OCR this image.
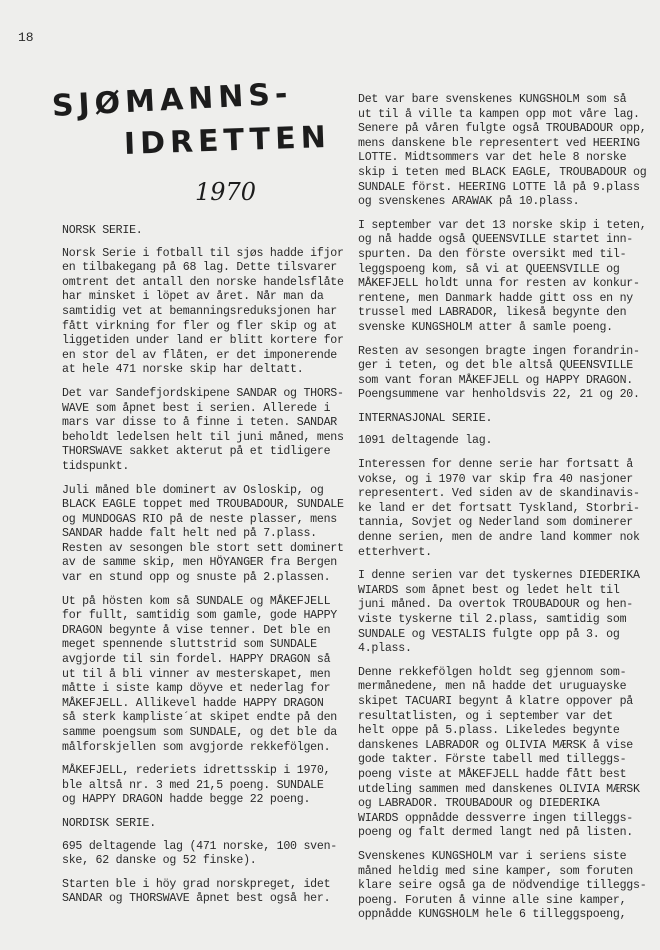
18
SJØMANNS-
IDRETTEN
1970

NORSK SERIE.

Norsk Serie i fotball til sjøs hadde ifjor
en tilbakegang på 68 lag. Dette tilsvarer
omtrent det antall den norske handelsflåte
har minsket i löpet av året. Når man da
samtidig vet at bemanningsreduksjonen har
fått virkning for fler og fler skip og at
liggetiden under land er blitt kortere for
en stor del av flåten, er det imponerende
at hele 471 norske skip har deltatt.

Det var Sandefjordskipene SANDAR og THORS-
WAVE som åpnet best i serien. Allerede i
mars var disse to å finne i teten. SANDAR
beholdt ledelsen helt til juni måned, mens
THORSWAVE sakket akterut på et tidligere
tidspunkt.

Juli måned ble dominert av Osloskip, og
BLACK EAGLE toppet med TROUBADOUR, SUNDALE
og MUNDOGAS RIO på de neste plasser, mens
SANDAR hadde falt helt ned på 7.plass.
Resten av sesongen ble stort sett dominert
av de samme skip, men HÖYANGER fra Bergen
var en stund opp og snuste på 2.plassen.

Ut på hösten kom så SUNDALE og MÅKEFJELL
for fullt, samtidig som gamle, gode HAPPY
DRAGON begynte å vise tenner. Det ble en
meget spennende sluttstrid som SUNDALE
avgjorde til sin fordel. HAPPY DRAGON så
ut til å bli vinner av mesterskapet, men
måtte i siste kamp döyve et nederlag for
MÅKEFJELL. Allikevel hadde HAPPY DRAGON
så sterk kampliste´at skipet endte på den
samme poengsum som SUNDALE, og det ble da
målforskjellen som avgjorde rekkefölgen.

MÅKEFJELL, rederiets idrettsskip i 1970,
ble altså nr. 3 med 21,5 poeng. SUNDALE
og HAPPY DRAGON hadde begge 22 poeng.

NORDISK SERIE.

695 deltagende lag (471 norske, 100 sven-
ske, 62 danske og 52 finske).

Starten ble i höy grad norskpreget, idet
SANDAR og THORSWAVE åpnet best også her.

Det var bare svenskenes KUNGSHOLM som så
ut til å ville ta kampen opp mot våre lag.
Senere på våren fulgte også TROUBADOUR opp,
mens danskene ble representert ved HEERING
LOTTE. Midtsommers var det hele 8 norske
skip i teten med BLACK EAGLE, TROUBADOUR og
SUNDALE först. HEERING LOTTE lå på 9.plass
og svenskenes ARAWAK på 10.plass.

I september var det 13 norske skip i teten,
og nå hadde også QUEENSVILLE startet inn-
spurten. Da den förste oversikt med til-
leggspoeng kom, så vi at QUEENSVILLE og
MÅKEFJELL holdt unna for resten av konkur-
rentene, men Danmark hadde gitt oss en ny
trussel med LABRADOR, likeså begynte den
svenske KUNGSHOLM atter å samle poeng.

Resten av sesongen bragte ingen forandrin-
ger i teten, og det ble altså QUEENSVILLE
som vant foran MÅKEFJELL og HAPPY DRAGON.
Poengsummene var henholdsvis 22, 21 og 20.

INTERNASJONAL SERIE.

1091 deltagende lag.

Interessen for denne serie har fortsatt å
vokse, og i 1970 var skip fra 40 nasjoner
representert. Ved siden av de skandinavis-
ke land er det fortsatt Tyskland, Storbri-
tannia, Sovjet og Nederland som dominerer
denne serien, men de andre land kommer nok
etterhvert.

I denne serien var det tyskernes DIEDERIKA
WIARDS som åpnet best og ledet helt til
juni måned. Da overtok TROUBADOUR og hen-
viste tyskerne til 2.plass, samtidig som
SUNDALE og VESTALIS fulgte opp på 3. og
4.plass.

Denne rekkefölgen holdt seg gjennom som-
mermånedene, men nå hadde det uruguayske
skipet TACUARI begynt å klatre oppover på
resultatlisten, og i september var det
helt oppe på 5.plass. Likeledes begynte
danskenes LABRADOR og OLIVIA MÆRSK å vise
gode takter. Förste tabell med tilleggs-
poeng viste at MÅKEFJELL hadde fått best
utdeling sammen med danskenes OLIVIA MÆRSK
og LABRADOR. TROUBADOUR og DIEDERIKA
WIARDS oppnådde dessverre ingen tilleggs-
poeng og falt dermed langt ned på listen.

Svenskenes KUNGSHOLM var i seriens siste
måned heldig med sine kamper, som foruten
klare seire også ga de nödvendige tilleggs-
poeng. Foruten å vinne alle sine kamper,
oppnådde KUNGSHOLM hele 6 tilleggspoeng,
